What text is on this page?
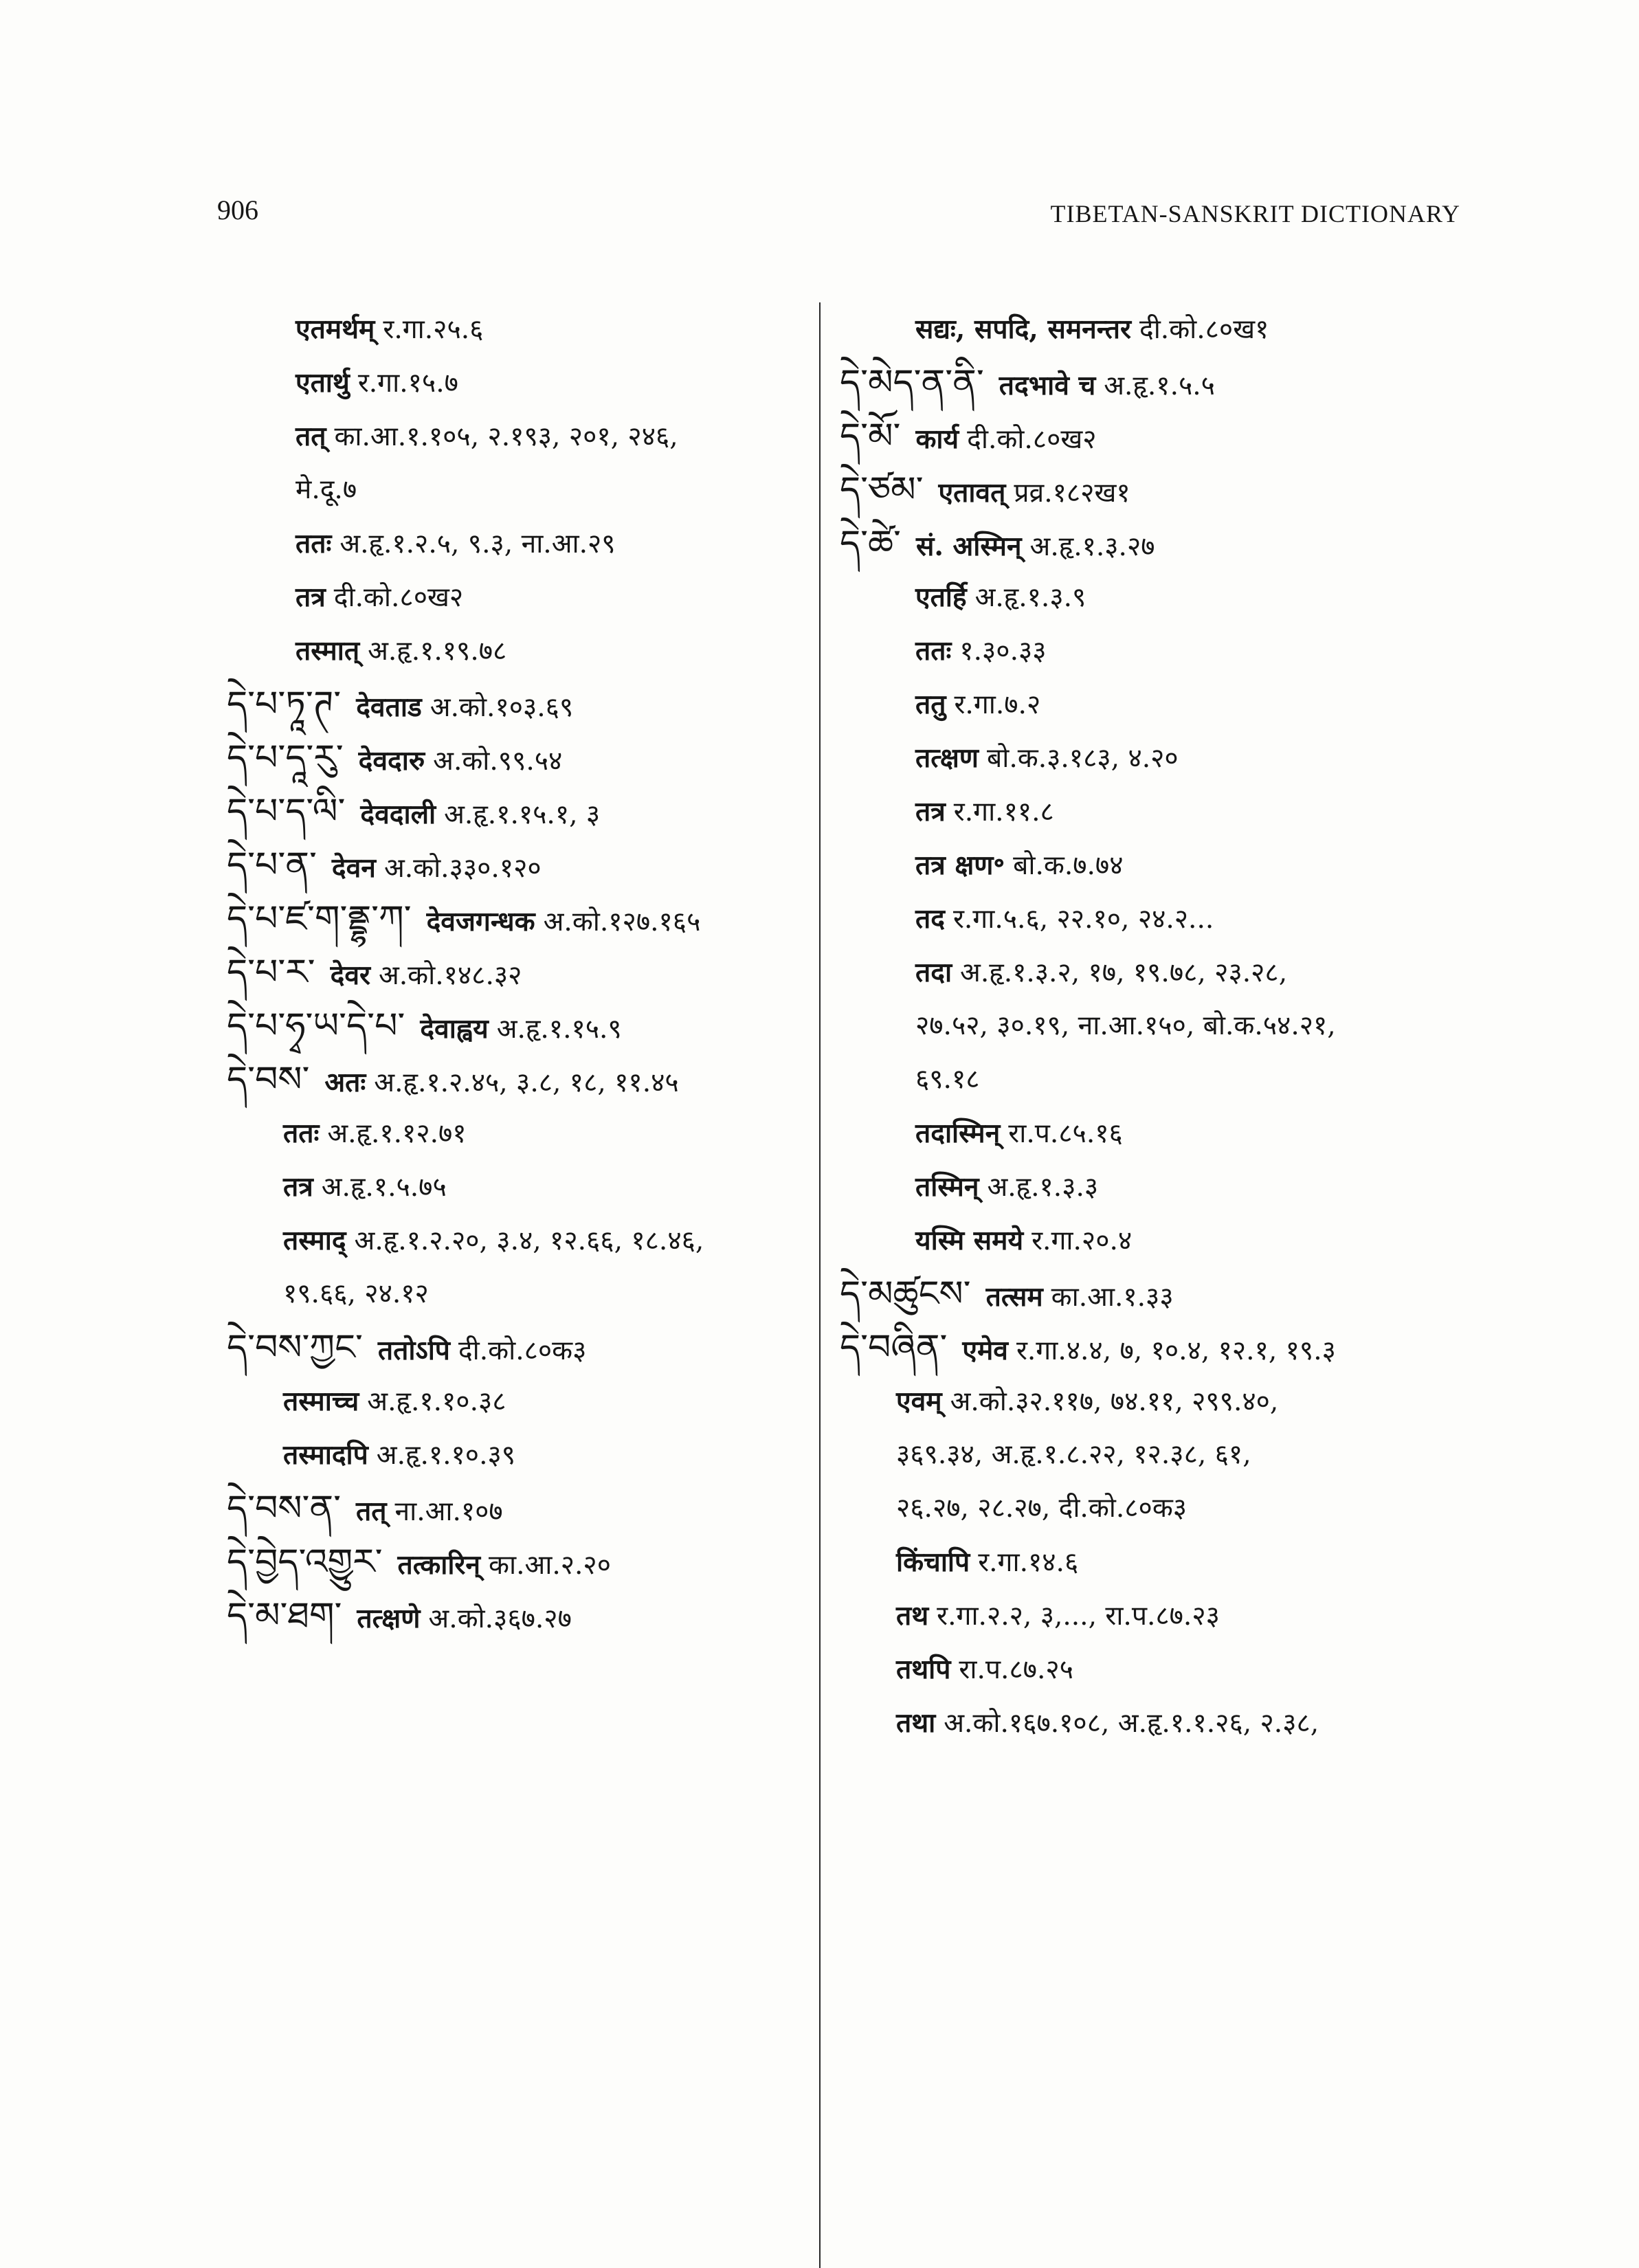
906	TIBETAN-SANSKRIT DICTIONARY
एतमर्थम् र.गा.२५.६
एतार्थु र.गा.१५.७
तत् का.आ.१.१०५, २.१९३, २०१, २४६,
मे.दू.७
ततः अ.हृ.१.२.५, ९.३, ना.आ.२९
तत्र दी.को.८०ख२
तस्मात् अ.हृ.१.१९.७८
དེ་པ་ཏཱ་ཊ་ देवताड अ.को.१०३.६९
དེ་པ་དཱ་རུ་ देवदारु अ.को.९९.५४
དེ་པ་ད་ལི་ देवदाली अ.हृ.१.१५.१, ३
དེ་པ་ན་ देवन अ.को.३३०.१२०
དེ་པ་ཛ་ག་ནྡྷ་ཀ་ देवजगन्धक अ.को.१२७.१६५
དེ་པ་ར་ देवर अ.को.१४८.३२
དེ་པ་ཧྭ་ཡ་དེ་པ་ देवाह्वय अ.हृ.१.१५.९
དེ་བས་ अतः अ.हृ.१.२.४५, ३.८, १८, ११.४५
ततः अ.हृ.१.१२.७१
तत्र अ.हृ.१.५.७५
तस्माद् अ.हृ.१.२.२०, ३.४, १२.६६, १८.४६,
१९.६६, २४.१२
དེ་བས་ཀྱང་ ततोऽपि दी.को.८०क३
तस्माच्च अ.हृ.१.१०.३८
तस्मादपि अ.हृ.१.१०.३९
དེ་བས་ན་ तत् ना.आ.१०७
དེ་བྱེད་འགྱུར་ तत्कारिन् का.आ.२.२०
དེ་མ་ཐག་ तत्क्षणे अ.को.३६७.२७
सद्यः, सपदि, समनन्तर दी.को.८०ख१
དེ་མེད་ན་ནི་ तदभावे च अ.हृ.१.५.५
དེ་མོ་ कार्य दी.को.८०ख२
དེ་ཙམ་ एतावत् प्रव्र.१८२ख१
དེ་ཚེ་ सं. अस्मिन् अ.हृ.१.३.२७
एतर्हि अ.हृ.१.३.९
ततः १.३०.३३
ततु र.गा.७.२
तत्क्षण बो.क.३.१८३, ४.२०
तत्र र.गा.११.८
तत्र क्षण॰ बो.क.७.७४
तद र.गा.५.६, २२.१०, २४.२...
तदा अ.हृ.१.३.२, १७, १९.७८, २३.२८,
२७.५२, ३०.१९, ना.आ.१५०, बो.क.५४.२१,
६९.१८
तदास्मिन् रा.प.८५.१६
तस्मिन् अ.हृ.१.३.३
यस्मि समये र.गा.२०.४
དེ་མཚུངས་ तत्सम का.आ.१.३३
དེ་བཞིན་ एमेव र.गा.४.४, ७, १०.४, १२.१, १९.३
एवम् अ.को.३२.११७, ७४.११, २९९.४०,
३६९.३४, अ.हृ.१.८.२२, १२.३८, ६१,
२६.२७, २८.२७, दी.को.८०क३
किंचापि र.गा.१४.६
तथ र.गा.२.२, ३,..., रा.प.८७.२३
तथपि रा.प.८७.२५
तथा अ.को.१६७.१०८, अ.हृ.१.१.२६, २.३८,
